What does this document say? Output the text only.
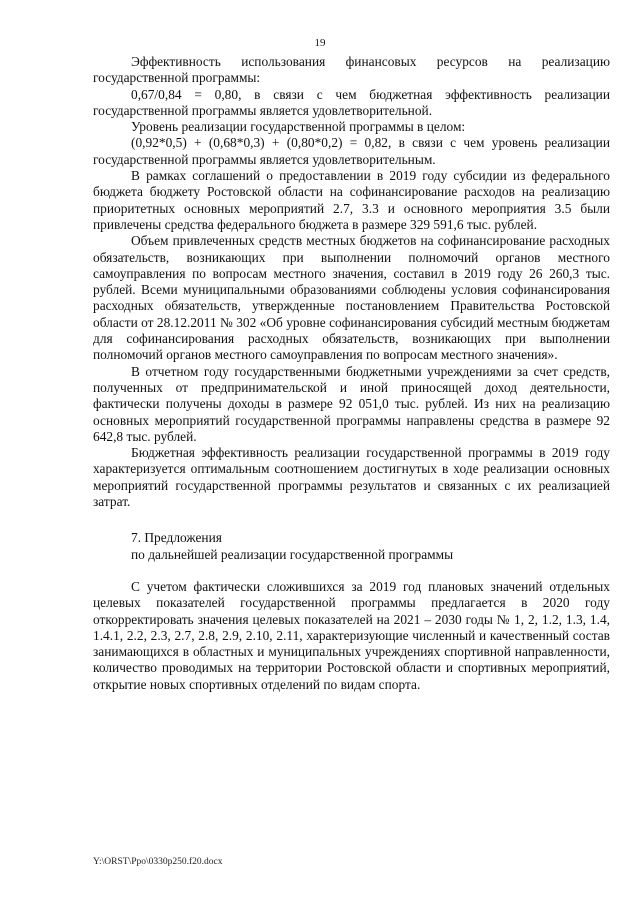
19

Эффективность использования финансовых ресурсов на реализацию государственной программы:

0,67/0,84 = 0,80, в связи с чем бюджетная эффективность реализации государственной программы является удовлетворительной.

Уровень реализации государственной программы в целом:

(0,92*0,5) + (0,68*0,3) + (0,80*0,2) = 0,82, в связи с чем уровень реализации государственной программы является удовлетворительным.

В рамках соглашений о предоставлении в 2019 году субсидии из федерального бюджета бюджету Ростовской области на софинансирование расходов на реализацию приоритетных основных мероприятий 2.7, 3.3 и основного мероприятия 3.5 были привлечены средства федерального бюджета в размере 329 591,6 тыс. рублей.

Объем привлеченных средств местных бюджетов на софинансирование расходных обязательств, возникающих при выполнении полномочий органов местного самоуправления по вопросам местного значения, составил в 2019 году 26 260,3 тыс. рублей. Всеми муниципальными образованиями соблюдены условия софинансирования расходных обязательств, утвержденные постановлением Правительства Ростовской области от 28.12.2011 № 302 «Об уровне софинансирования субсидий местным бюджетам для софинансирования расходных обязательств, возникающих при выполнении полномочий органов местного самоуправления по вопросам местного значения».

В отчетном году государственными бюджетными учреждениями за счет средств, полученных от предпринимательской и иной приносящей доход деятельности, фактически получены доходы в размере 92 051,0 тыс. рублей. Из них на реализацию основных мероприятий государственной программы направлены средства в размере 92 642,8 тыс. рублей.

Бюджетная эффективность реализации государственной программы в 2019 году характеризуется оптимальным соотношением достигнутых в ходе реализации основных мероприятий государственной программы результатов и связанных с их реализацией затрат.

7. Предложения

по дальнейшей реализации государственной программы

С учетом фактически сложившихся за 2019 год плановых значений отдельных целевых показателей государственной программы предлагается в 2020 году откорректировать значения целевых показателей на 2021 – 2030 годы № 1, 2, 1.2, 1.3, 1.4, 1.4.1, 2.2, 2.3, 2.7, 2.8, 2.9, 2.10, 2.11, характеризующие численный и качественный состав занимающихся в областных и муниципальных учреждениях спортивной направленности, количество проводимых на территории Ростовской области и спортивных мероприятий, открытие новых спортивных отделений по видам спорта.

Y:\ORST\Ppo\0330p250.f20.docx
